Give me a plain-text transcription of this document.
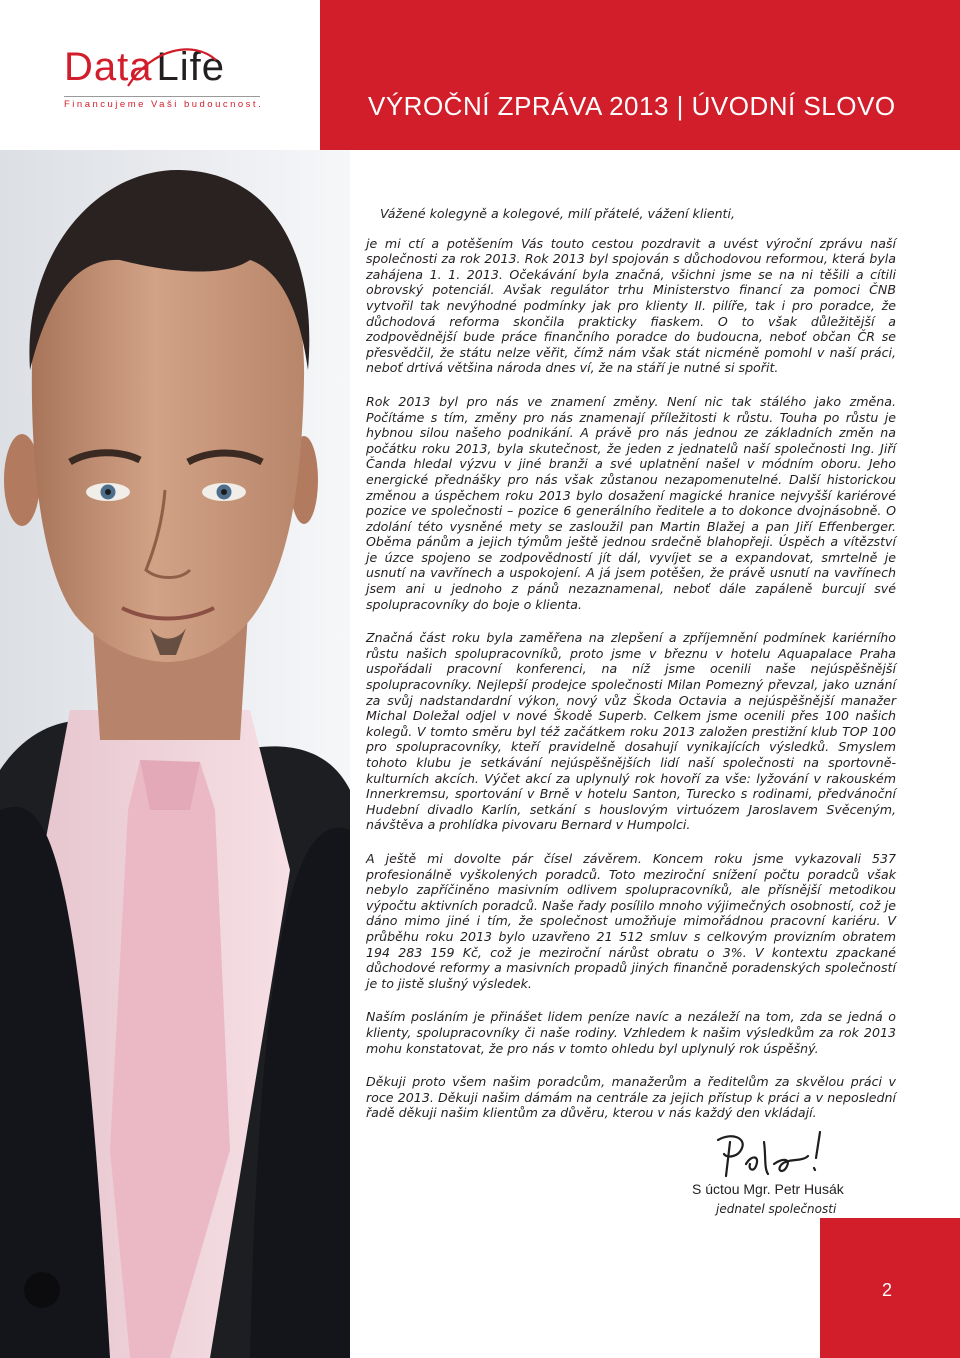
Data Life
Financujeme Vaši budoucnost.	VÝROČNÍ ZPRÁVA 2013 | ÚVODNÍ SLOVO

Vážené kolegyně a kolegové, milí přátelé, vážení klienti,

je mi ctí a potěšením Vás touto cestou pozdravit a uvést výroční zprávu naší společnosti za rok 2013. Rok 2013 byl spojován s důchodovou reformou, která byla zahájena 1. 1. 2013. Očekávání byla značná, všichni jsme se na ni těšili a cítili obrovský potenciál. Avšak regulátor trhu Ministerstvo financí za pomoci ČNB vytvořil tak nevýhodné podmínky jak pro klienty II. pilíře, tak i pro poradce, že důchodová reforma skončila prakticky fiaskem. O to však důležitější a zodpovědnější bude práce finančního poradce do budoucna, neboť občan ČR se přesvědčil, že státu nelze věřit, čímž nám však stát nicméně pomohl v naší práci, neboť drtivá většina národa dnes ví, že na stáří je nutné si spořit.

Rok 2013 byl pro nás ve znamení změny. Není nic tak stálého jako změna. Počítáme s tím, změny pro nás znamenají příležitosti k růstu. Touha po růstu je hybnou silou našeho podnikání. A právě pro nás jednou ze základních změn na počátku roku 2013, byla skutečnost, že jeden z jednatelů naší společnosti Ing. Jiří Čanda hledal výzvu v jiné branži a své uplatnění našel v módním oboru. Jeho energické přednášky pro nás však zůstanou nezapomenutelné. Další historickou změnou a úspěchem roku 2013 bylo dosažení magické hranice nejvyšší kariérové pozice ve společnosti – pozice 6 generálního ředitele a to dokonce dvojnásobně. O zdolání této vysněné mety se zasloužil pan Martin Blažej a pan Jiří Effenberger. Oběma pánům a jejich týmům ještě jednou srdečně blahopřeji. Úspěch a vítězství je úzce spojeno se zodpovědností jít dál, vyvíjet se a expandovat, smrtelně je usnutí na vavřínech a uspokojení. A já jsem potěšen, že právě usnutí na vavřínech jsem ani u jednoho z pánů nezaznamenal, neboť dále zapáleně burcují své spolupracovníky do boje o klienta.

Značná část roku byla zaměřena na zlepšení a zpříjemnění podmínek kariérního růstu našich spolupracovníků, proto jsme v březnu v hotelu Aquapalace Praha uspořádali pracovní konferenci, na níž jsme ocenili naše nejúspěšnější spolupracovníky. Nejlepší prodejce společnosti Milan Pomezný převzal, jako uznání za svůj nadstandardní výkon, nový vůz Škoda Octavia a nejúspěšnější manažer Michal Doležal odjel v nové Škodě Superb. Celkem jsme ocenili přes 100 našich kolegů. V tomto směru byl též začátkem roku 2013 založen prestižní klub TOP 100 pro spolupracovníky, kteří pravidelně dosahují vynikajících výsledků. Smyslem tohoto klubu je setkávání nejúspěšnějších lidí naší společnosti na sportovně-kulturních akcích. Výčet akcí za uplynulý rok hovoří za vše: lyžování v rakouském Innerkremsu, sportování v Brně v hotelu Santon, Turecko s rodinami, předvánoční Hudební divadlo Karlín, setkání s houslovým virtuózem Jaroslavem Svěceným, návštěva a prohlídka pivovaru Bernard v Humpolci.

A ještě mi dovolte pár čísel závěrem. Koncem roku jsme vykazovali 537 profesionálně vyškolených poradců. Toto meziroční snížení počtu poradců však nebylo zapříčiněno masivním odlivem spolupracovníků, ale přísnější metodikou výpočtu aktivních poradců. Naše řady posílilo mnoho výjimečných osobností, což je dáno mimo jiné i tím, že společnost umožňuje mimořádnou pracovní kariéru. V průběhu roku 2013 bylo uzavřeno 21 512 smluv s celkovým provizním obratem 194 283 159 Kč, což je meziroční nárůst obratu o 3%. V kontextu zpackané důchodové reformy a masivních propadů jiných finančně poradenských společností je to jistě slušný výsledek.

Naším posláním je přinášet lidem peníze navíc a nezáleží na tom, zda se jedná o klienty, spolupracovníky či naše rodiny. Vzhledem k našim výsledkům za rok 2013 mohu konstatovat, že pro nás v tomto ohledu byl uplynulý rok úspěšný.

Děkuji proto všem našim poradcům, manažerům a ředitelům za skvělou práci v roce 2013. Děkuji našim dámám na centrále za jejich přístup k práci a v neposlední řadě děkuji našim klientům za důvěru, kterou v nás každý den vkládají.

S úctou Mgr. Petr Husák
jednatel společnosti
2
